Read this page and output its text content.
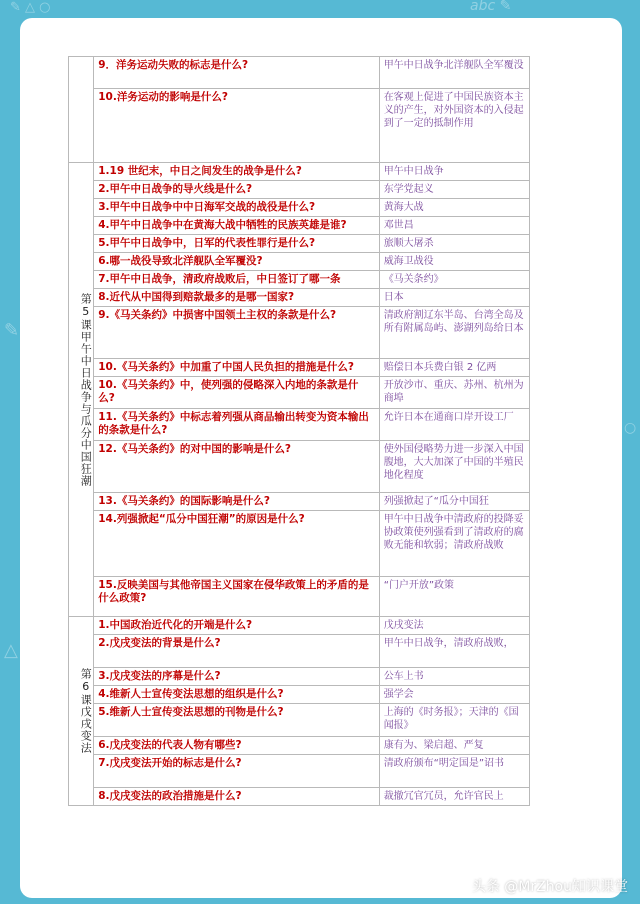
✎ △ ○	abc ✎
✎
△
○
	9．洋务运动失败的标志是什么?	甲午中日战争北洋舰队全军覆没
	10.洋务运动的影响是什么?	在客观上促进了中国民族资本主义的产生，对外国资本的入侵起到了一定的抵制作用
第5课甲午中日战争与瓜分中国狂潮	1.19 世纪末，中日之间发生的战争是什么?	甲午中日战争
	2.甲午中日战争的导火线是什么?	东学党起义
	3.甲午中日战争中中日海军交战的战役是什么?	黄海大战
	4.甲午中日战争中在黄海大战中牺牲的民族英雄是谁?	邓世昌
	5.甲午中日战争中，日军的代表性罪行是什么?	旅顺大屠杀
	6.哪一战役导致北洋舰队全军覆没?	威海卫战役
	7.甲午中日战争，清政府战败后，中日签订了哪一条	《马关条约》
	8.近代从中国得到赔款最多的是哪一国家?	日本
	9.《马关条约》中损害中国领土主权的条款是什么?	清政府割辽东半岛、台湾全岛及所有附属岛屿、澎湖列岛给日本
	10.《马关条约》中加重了中国人民负担的措施是什么?	赔偿日本兵费白银 2 亿两
	10.《马关条约》中，使列强的侵略深入内地的条款是什么?	开放沙市、重庆、苏州、杭州为商埠
	11.《马关条约》中标志着列强从商品输出转变为资本输出的条款是什么?	允许日本在通商口岸开设工厂
	12.《马关条约》的对中国的影响是什么?	使外国侵略势力进一步深入中国腹地，大大加深了中国的半殖民地化程度
	13.《马关条约》的国际影响是什么?	列强掀起了“瓜分中国狂
	14.列强掀起“瓜分中国狂潮”的原因是什么?	甲午中日战争中清政府的投降妥协政策使列强看到了清政府的腐败无能和软弱；清政府战败
	15.反映美国与其他帝国主义国家在侵华政策上的矛盾的是什么政策?	“门户开放”政策
第6课戊戌变法	1.中国政治近代化的开端是什么?	戊戌变法
	2.戊戌变法的背景是什么?	甲午中日战争，清政府战败，
	3.戊戌变法的序幕是什么?	公车上书
	4.维新人士宣传变法思想的组织是什么?	强学会
	5.维新人士宣传变法思想的刊物是什么?	上海的《时务报》；天津的《国闻报》
	6.戊戌变法的代表人物有哪些?	康有为、梁启超、严复
	7.戊戌变法开始的标志是什么?	清政府颁布“明定国是”诏书
	8.戊戌变法的政治措施是什么?	裁撤冗官冗员，允许官民上
头条 @MrZhou知识课堂
